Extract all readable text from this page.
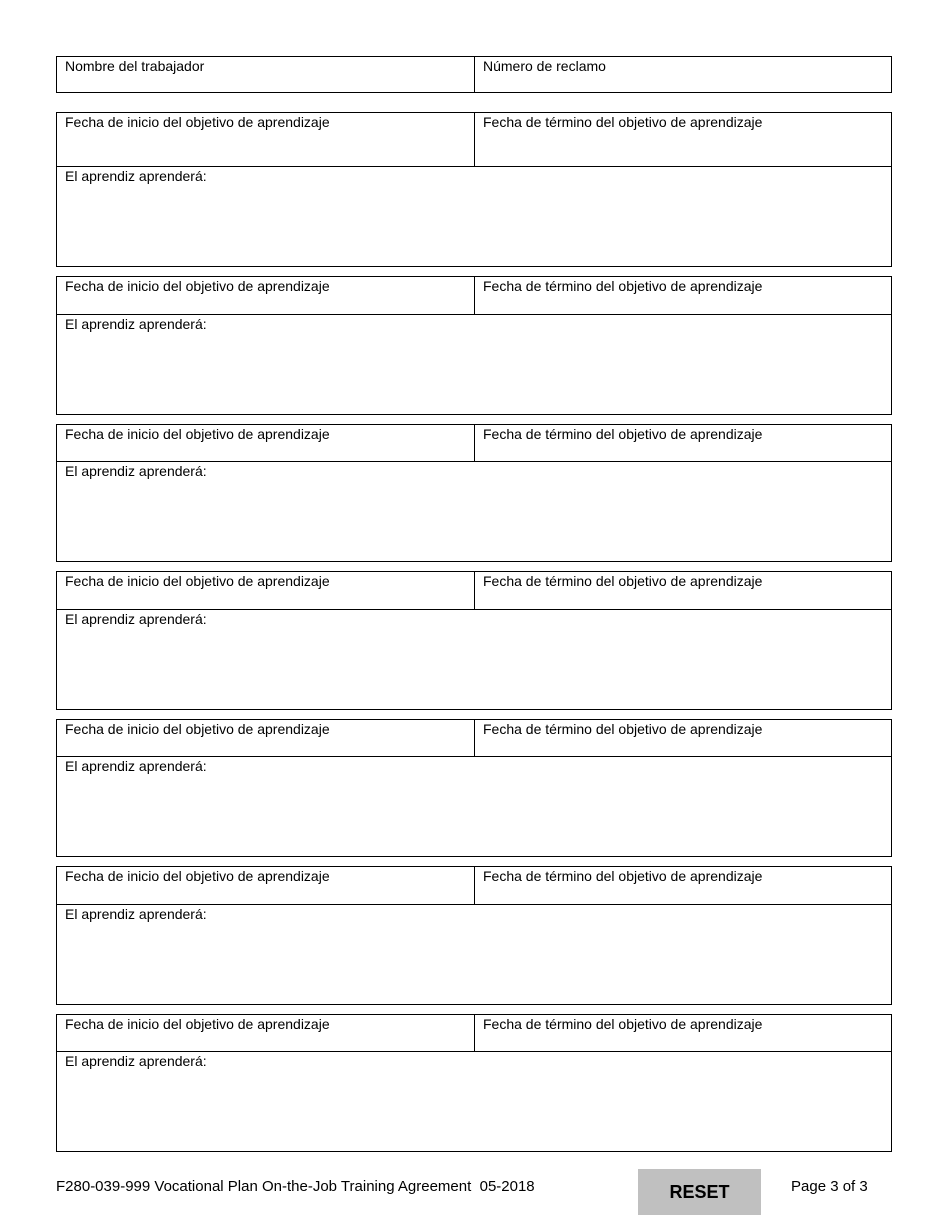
Nombre del trabajador	Número de reclamo
Fecha de inicio del objetivo de aprendizaje	Fecha de término del objetivo de aprendizaje
El aprendiz aprenderá:
Fecha de inicio del objetivo de aprendizaje	Fecha de término del objetivo de aprendizaje
El aprendiz aprenderá:
Fecha de inicio del objetivo de aprendizaje	Fecha de término del objetivo de aprendizaje
El aprendiz aprenderá:
Fecha de inicio del objetivo de aprendizaje	Fecha de término del objetivo de aprendizaje
El aprendiz aprenderá:
Fecha de inicio del objetivo de aprendizaje	Fecha de término del objetivo de aprendizaje
El aprendiz aprenderá:
Fecha de inicio del objetivo de aprendizaje	Fecha de término del objetivo de aprendizaje
El aprendiz aprenderá:
Fecha de inicio del objetivo de aprendizaje	Fecha de término del objetivo de aprendizaje
El aprendiz aprenderá:
F280-039-999 Vocational Plan On-the-Job Training Agreement  05-2018	RESET	Page 3 of 3
